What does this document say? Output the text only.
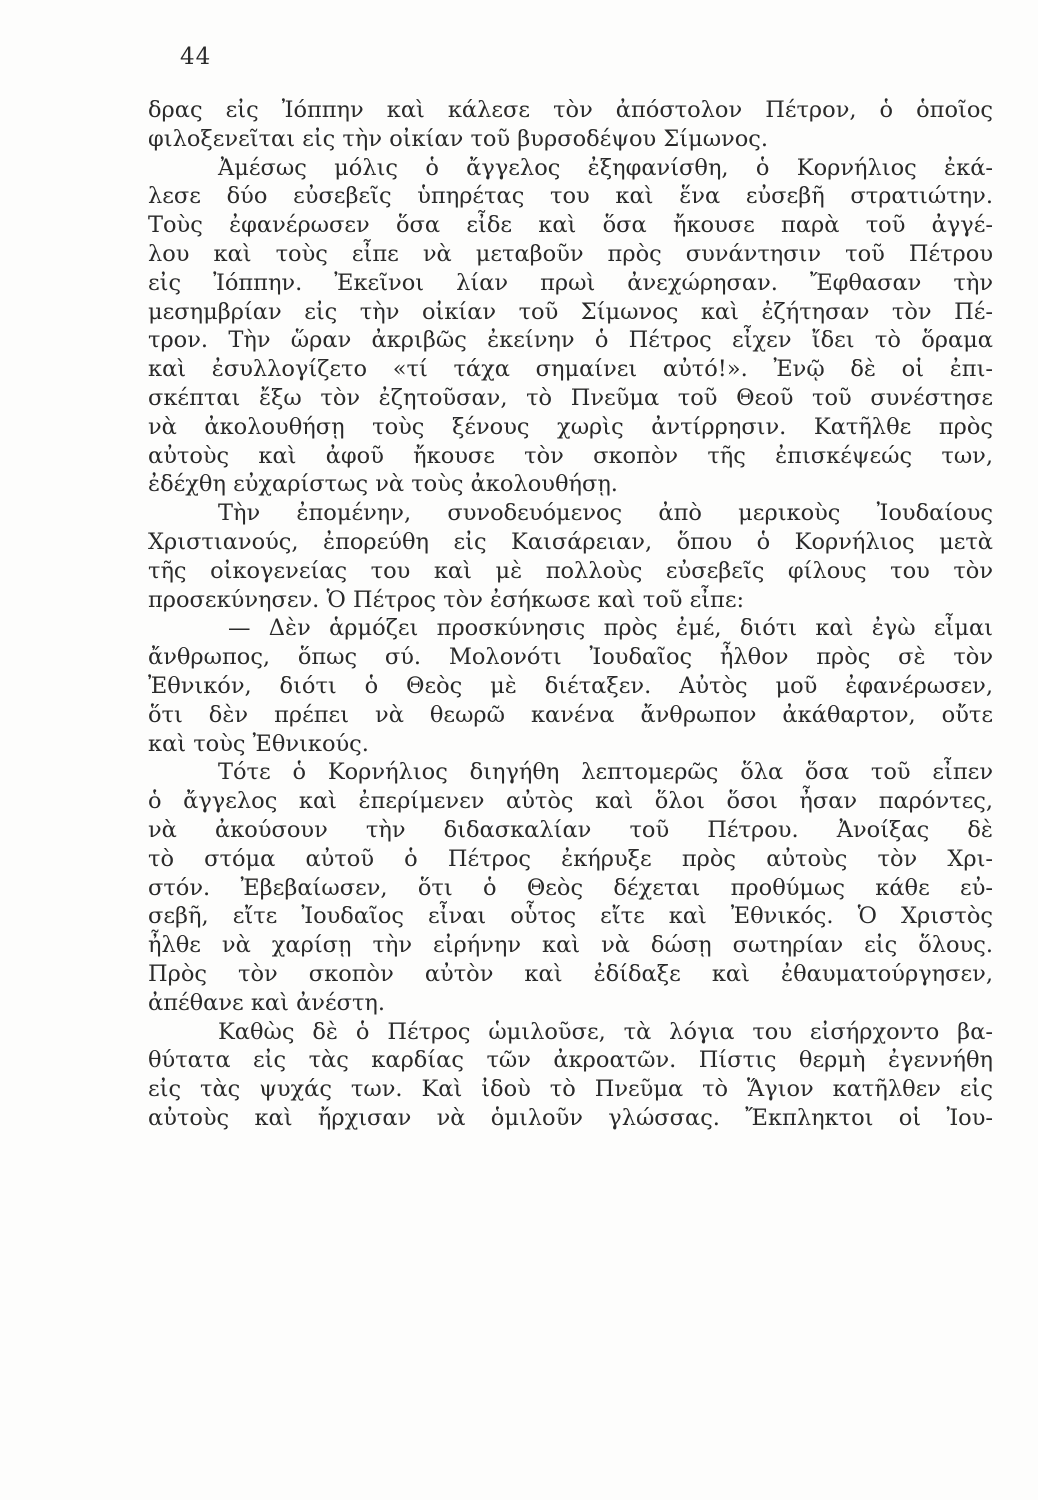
44
δρας εἰς Ἰόππην καὶ κάλεσε τὸν ἀπόστολον Πέτρον, ὁ ὁποῖος
φιλοξενεῖται εἰς τὴν οἰκίαν τοῦ βυρσοδέψου Σίμωνος.
Ἀμέσως μόλις ὁ ἄγγελος ἐξηφανίσθη, ὁ Κορνήλιος ἐκά-
λεσε δύο εὐσεβεῖς ὑπηρέτας του καὶ ἕνα εὐσεβῆ στρατιώτην.
Τοὺς ἐφανέρωσεν ὅσα εἶδε καὶ ὅσα ἤκουσε παρὰ τοῦ ἀγγέ-
λου καὶ τοὺς εἶπε νὰ μεταβοῦν πρὸς συνάντησιν τοῦ Πέτρου
εἰς Ἰόππην. Ἐκεῖνοι λίαν πρωὶ ἀνεχώρησαν. Ἔφθασαν τὴν
μεσημβρίαν εἰς τὴν οἰκίαν τοῦ Σίμωνος καὶ ἐζήτησαν τὸν Πέ-
τρον. Τὴν ὥραν ἀκριβῶς ἐκείνην ὁ Πέτρος εἶχεν ἴδει τὸ ὅραμα
καὶ ἐσυλλογίζετο «τί τάχα σημαίνει αὐτό!». Ἐνῷ δὲ οἱ ἐπι-
σκέπται ἔξω τὸν ἐζητοῦσαν, τὸ Πνεῦμα τοῦ Θεοῦ τοῦ συνέστησε
νὰ ἀκολουθήσῃ τοὺς ξένους χωρὶς ἀντίρρησιν. Κατῆλθε πρὸς
αὐτοὺς καὶ ἀφοῦ ἤκουσε τὸν σκοπὸν τῆς ἐπισκέψεώς των,
ἐδέχθη εὐχαρίστως νὰ τοὺς ἀκολουθήσῃ.
Τὴν ἐπομένην, συνοδευόμενος ἀπὸ μερικοὺς Ἰουδαίους
Χριστιανούς, ἐπορεύθη εἰς Καισάρειαν, ὅπου ὁ Κορνήλιος μετὰ
τῆς οἰκογενείας του καὶ μὲ πολλοὺς εὐσεβεῖς φίλους του τὸν
προσεκύνησεν. Ὁ Πέτρος τὸν ἐσήκωσε καὶ τοῦ εἶπε:
— Δὲν ἁρμόζει προσκύνησις πρὸς ἐμέ, διότι καὶ ἐγὼ εἶμαι
ἄνθρωπος, ὅπως σύ. Μολονότι Ἰουδαῖος ἦλθον πρὸς σὲ τὸν
Ἐθνικόν, διότι ὁ Θεὸς μὲ διέταξεν. Αὐτὸς μοῦ ἐφανέρωσεν,
ὅτι δὲν πρέπει νὰ θεωρῶ κανένα ἄνθρωπον ἀκάθαρτον, οὔτε
καὶ τοὺς Ἐθνικούς.
Τότε ὁ Κορνήλιος διηγήθη λεπτομερῶς ὅλα ὅσα τοῦ εἶπεν
ὁ ἄγγελος καὶ ἐπερίμενεν αὐτὸς καὶ ὅλοι ὅσοι ἦσαν παρόντες,
νὰ ἀκούσουν τὴν διδασκαλίαν τοῦ Πέτρου. Ἀνοίξας δὲ
τὸ στόμα αὐτοῦ ὁ Πέτρος ἐκήρυξε πρὸς αὐτοὺς τὸν Χρι-
στόν. Ἐβεβαίωσεν, ὅτι ὁ Θεὸς δέχεται προθύμως κάθε εὐ-
σεβῆ, εἴτε Ἰουδαῖος εἶναι οὗτος εἴτε καὶ Ἐθνικός. Ὁ Χριστὸς
ἦλθε νὰ χαρίσῃ τὴν εἰρήνην καὶ νὰ δώσῃ σωτηρίαν εἰς ὅλους.
Πρὸς τὸν σκοπὸν αὐτὸν καὶ ἐδίδαξε καὶ ἐθαυματούργησεν,
ἀπέθανε καὶ ἀνέστη.
Καθὼς δὲ ὁ Πέτρος ὡμιλοῦσε, τὰ λόγια του εἰσήρχοντο βα-
θύτατα εἰς τὰς καρδίας τῶν ἀκροατῶν. Πίστις θερμὴ ἐγεννήθη
εἰς τὰς ψυχάς των. Καὶ ἰδοὺ τὸ Πνεῦμα τὸ Ἅγιον κατῆλθεν εἰς
αὐτοὺς καὶ ἤρχισαν νὰ ὁμιλοῦν γλώσσας. Ἔκπληκτοι οἱ Ἰου-
